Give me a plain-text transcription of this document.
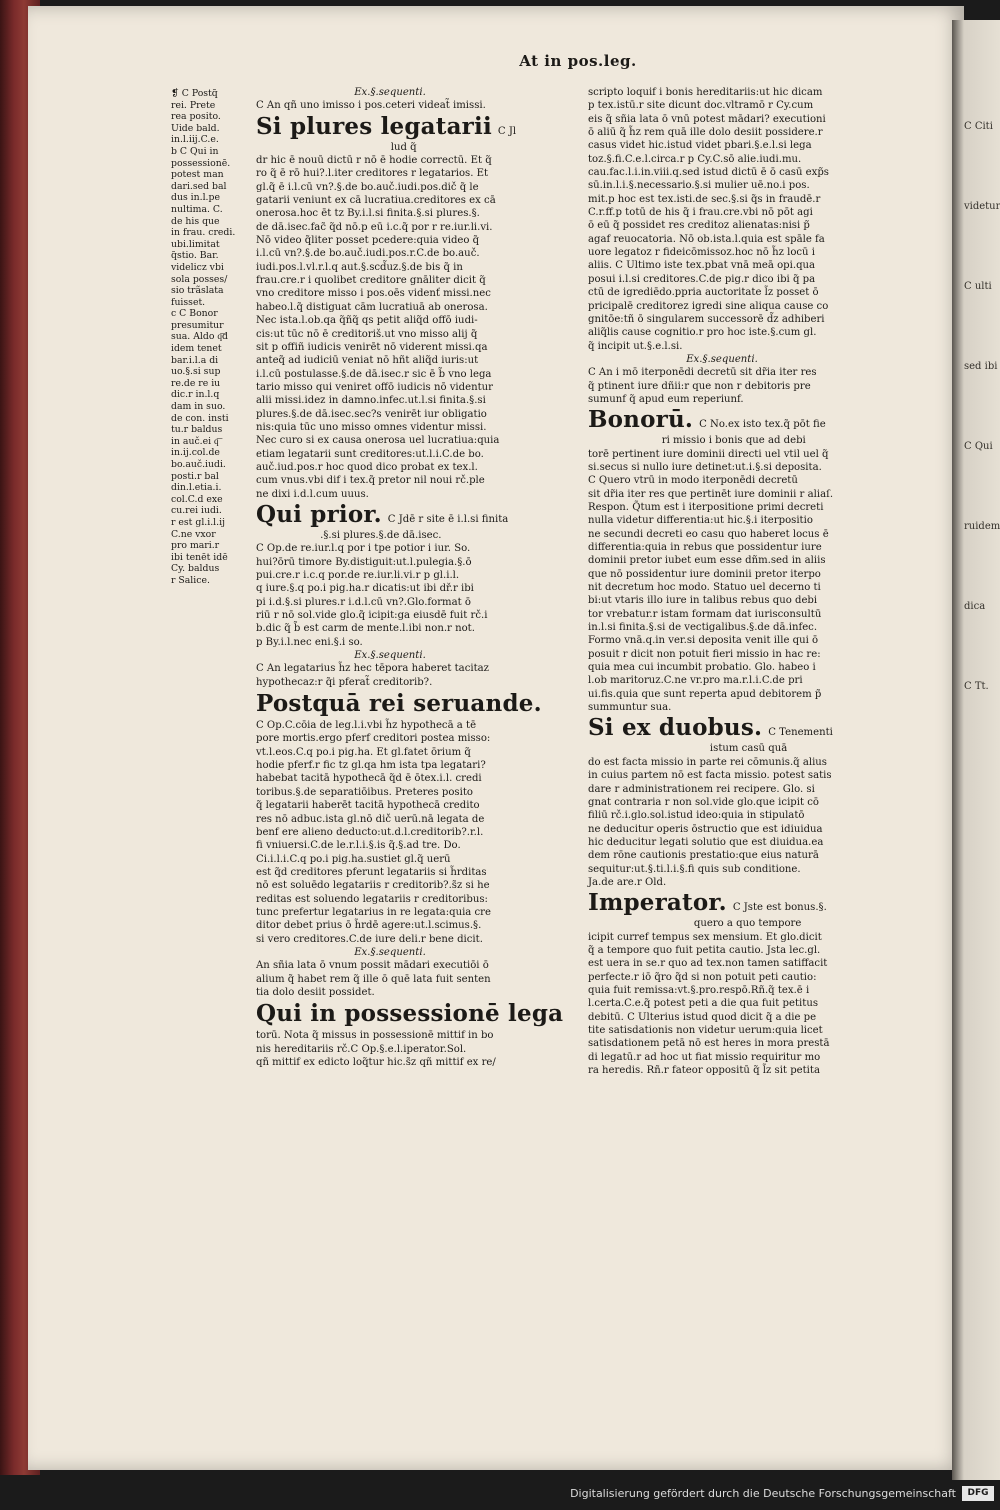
At in pos.leg.

❡ C Postq̃

rei. Prete

rea posito.

Uide bald.

in.l.iij.C.e.

b C Qui in

possessionē.

potest man

dari.sed bal

dus in.l.pe

nultima. C.

de his que

in frau. credi.

ubi.limitat

q̃stio. Bar.

videlicz vbi

sola posses/

sio trãslata

fuisset.

c C Bonor

presumitur

sua. Aldo q͞d

idem tenet

bar.i.l.a di

uo.§.si sup

re.de re iu

dic.r in.l.q

dam in suo.

de con. insti

tu.r baldus

in auč.ei q͞

in.ij.col.de

bo.auč.iudi.

posti.r bal

din.l.etia.i.

col.C.d exe

cu.rei iudi.

r est gl.i.l.ij

C.ne vxor

pro mari.r

ibi tenēt idē

Cy. baldus

r Salice.

Ex.§.sequenti.

C An qñ uno imisso i pos.ceteri videat̃ imissi.

Si plures legatarii C Jl

lud q̃

dr hic ē nouū dictū r nō ē hodie correctū. Et q̃

ro q̃ ē rō hui?.l.iter creditores r legatarios. Et

gl.q̃ ē i.l.cū vn?.§.de bo.auč.iudi.pos.dič q̃ le

gatarii veniunt ex cā lucratiua.creditores ex cā

onerosa.hoc ēt tz By.i.l.si finita.§.si plures.§.

de dā.isec.fac̃ q̃d nō.p eū i.c.q̃ por r re.iur.li.vi.

Nō video q̃liter posset pcedere:quia video q̃

i.l.cū vn?.§.de bo.auč.iudi.pos.r.C.de bo.auč.

iudi.pos.l.vl.r.l.q aut.§.scd̃uz.§.de bis q̃ in

frau.cre.r i quolibet creditore gnāliter dicit q̃

vno creditore misso i pos.oēs videnť missi.nec

habeo.l.q̃ distiguat cām lucratiuā ab onerosa.

Nec ista.l.ob.qa q̃ñq̃ qs petit aliq̃d offō iudi-

cis:ut tūc nō ē creditoriš.ut vno misso alij q̃

sit p offiñ iudicis venirēt nō viderent missi.qa

anteq̃ ad iudiciū veniat nō hñt aliq̃d iuris:ut

i.l.cū postulasse.§.de dā.isec.r sic ē b̃ vno lega

tario misso qui veniret offō iudicis nō videntur

alii missi.idez in damno.infec.ut.l.si finita.§.si

plures.§.de dā.isec.sec?s venirēt iur obligatio

nis:quia tūc uno misso omnes videntur missi.

Nec curo si ex causa onerosa uel lucratiua:quia

etiam legatarii sunt creditores:ut.l.i.C.de bo.

auč.iud.pos.r hoc quod dico probat ex tex.l.

cum vnus.vbi dif i tex.q̃ pretor nil noui rč.ple

ne dixi i.d.l.cum uuus.

Qui prior. C Jdē r site ē i.l.si finita

.§.si plures.§.de dā.isec.

C Op.de re.iur.l.q por i tpe potior i iur. So.

hui?ōrū timore By.distiguit:ut.l.pulegia.§.ō

pui.cre.r i.c.q por.de re.iur.li.vi.r p gl.i.l.

q iure.§.q po.i pig.ha.r dicatis:ut ibi dř.r ibi

pi i.d.§.si plures.r i.d.l.cū vn?.Glo.format ō

riū r nō sol.vide glo.q̃ icipit:ga eiusdē fuit rč.i

b.dic q̃ b̃ est carm de mente.l.ibi non.r not.

p By.i.l.nec eni.§.i so.

Ex.§.sequenti.

C An legatarius h̃z hec tēpora haberet tacitaz

hypothecaz:r q̃i pferat̃ creditorib?.

Postquā rei seruande.

C Op.C.cōia de leg.l.i.vbi h̃z hypothecā a tē

pore mortis.ergo pferf creditori postea misso:

vt.l.eos.C.q po.i pig.ha. Et gl.fatet ōrium q̃

hodie pferf.r fic tz gl.qa hm ista tpa legatari?

habebat tacitā hypothecā q̃d ē ōtex.i.l. credi

toribus.§.de separatiōibus. Preteres posito

q̃ legatarii haberēt tacitā hypothecā credito

res nō adbuc.ista gl.nō dič uerū.nā legata de

benf ere alieno deducto:ut.d.l.creditorib?.r.l.

fi vniuersi.C.de le.r.l.i.§.is q̃.§.ad tre. Do.

Ci.i.l.i.C.q po.i pig.ha.sustiet gl.q̃ uerū

est q̃d creditores pferunt legatariis si h̃rditas

nō est soluēdo legatariis r creditorib?.s̃z si he

reditas est soluendo legatariis r creditoribus:

tunc prefertur legatarius in re legata:quia cre

ditor debet prius ō h̃rdē agere:ut.l.scimus.§.

si vero creditores.C.de iure deli.r bene dicit.

Ex.§.sequenti.

An sñia lata ō vnum possit mādari executiōi ō

alium q̃ habet rem q̃ ille ō quē lata fuit senten

tia dolo desiit possidet.

Qui in possessionē lega

torū. Nota q̃ missus in possessionē mittif in bo

nis hereditariis rč.C Op.§.e.l.iperator.Sol.

qñ mittif ex edicto loq̃tur hic.s̃z qñ mittif ex re/

scripto loquif i bonis hereditariis:ut hic dicam

p tex.istū.r site dicunt doc.vltramō r Cy.cum

eis q̃ sñia lata ō vnū potest mādari? executioni

ō aliū q̃ h̃z rem quā ille dolo desiit possidere.r

casus videt hic.istud videt pbari.§.e.l.si lega

toz.§.fi.C.e.l.circa.r p Cy.C.sō alie.iudi.mu.

cau.fac.l.i.in.viii.q.sed istud dictū ē ō casū exp̃s

sū.in.l.i.§.necessario.§.si mulier uē.no.i pos.

mit.p hoc est tex.isti.de sec.§.si q̃s in fraudē.r

C.r.ff.p totū de his q̃ i frau.cre.vbi nō pōt agi

ō eū q̃ possidet res creditoz alienatas:nisi p̃

agaf reuocatoria. Nō ob.ista.l.quia est spāle fa

uore legatoz r fideicōmissoz.hoc nō h̃z locū i

aliis. C Ultimo iste tex.pbat vnā meā opi.qua

posui i.l.si creditores.C.de pig.r dico ibi q̃ pa

ctū de igrediēdo.ppria auctoritate l̃z posset ō

pricipalē creditorez igredi sine aliqua cause co

gnitōe:tñ ō singularem successorē d̃z adhiberi

aliq̃lis cause cognitio.r pro hoc iste.§.cum gl.

q̃ incipit ut.§.e.l.si.

Ex.§.sequenti.

C An i mō iterponēdi decretū sit dr̃ia iter res

q̃ ptinent iure dñii:r que non r debitoris pre

sumunf q̃ apud eum reperiunf.

Bonorū. C No.ex isto tex.q̃ pōt fie

ri missio i bonis que ad debi

torē pertinent iure dominii directi uel vtil uel q̃

si.secus si nullo iure detinet:ut.i.§.si deposita.

C Quero vtrū in modo iterponēdi decretū

sit dr̃ia iter res que pertinēt iure dominii r aliaſ.

Respon. Q̃tum est i iterpositione primi decreti

nulla videtur differentia:ut hic.§.i iterpositio

ne secundi decreti eo casu quo haberet locus ē

differentia:quia in rebus que possidentur iure

dominii pretor iubet eum esse dñm.sed in aliis

que nō possidentur iure dominii pretor iterpo

nit decretum hoc modo. Statuo uel decerno ti

bi:ut vtaris illo iure in talibus rebus quo debi

tor vrebatur.r istam formam dat iurisconsultū

in.l.si finita.§.si de vectigalibus.§.de dā.infec.

Formo vnā.q.in ver.si deposita venit ille qui ō

posuit r dicit non potuit fieri missio in hac re:

quia mea cui incumbit probatio. Glo. habeo i

l.ob maritoruz.C.ne vr.pro ma.r.l.i.C.de pri

ui.fis.quia que sunt reperta apud debitorem p̃

summuntur sua.

Si ex duobus. C Tenementi

istum casū quā

do est facta missio in parte rei cōmunis.q̃ alius

in cuius partem nō est facta missio. potest satis

dare r administrationem rei recipere. Glo. si

gnat contraria r non sol.vide glo.que icipit cō

filiū rč.i.glo.sol.istud ideo:quia in stipulatō

ne deducitur operis ōstructio que est idiuidua

hic deducitur legati solutio que est diuidua.ea

dem rōne cautionis prestatio:que eius naturā

sequitur:ut.§.ti.l.i.§.fi quis sub conditione.

Ja.de are.r Old.

Imperator. C Jste est bonus.§.

quero a quo tempore

icipit curref tempus sex mensium. Et glo.dicit

q̃ a tempore quo fuit petita cautio. Jsta lec.gl.

est uera in se.r quo ad tex.non tamen satiffacit

perfecte.r iō q̃ro q̃d si non potuit peti cautio:

quia fuit remissa:vt.§.pro.respō.Rñ.q̃ tex.ē i

l.certa.C.e.q̃ potest peti a die qua fuit petitus

debitū. C Ulterius istud quod dicit q̃ a die pe

tite satisdationis non videtur uerum:quia licet

satisdationem petā nō est heres in mora prestā

di legatū.r ad hoc ut fiat missio requiritur mo

ra heredis. Rñ.r fateor oppositū q̃ l̃z sit petita

C Citi
videtur
C ulti
sed ibi
C Qui
ruidem
dica
C Tt.
Digitalisierung gefördert durch die Deutsche Forschungsgemeinschaft	DFG
